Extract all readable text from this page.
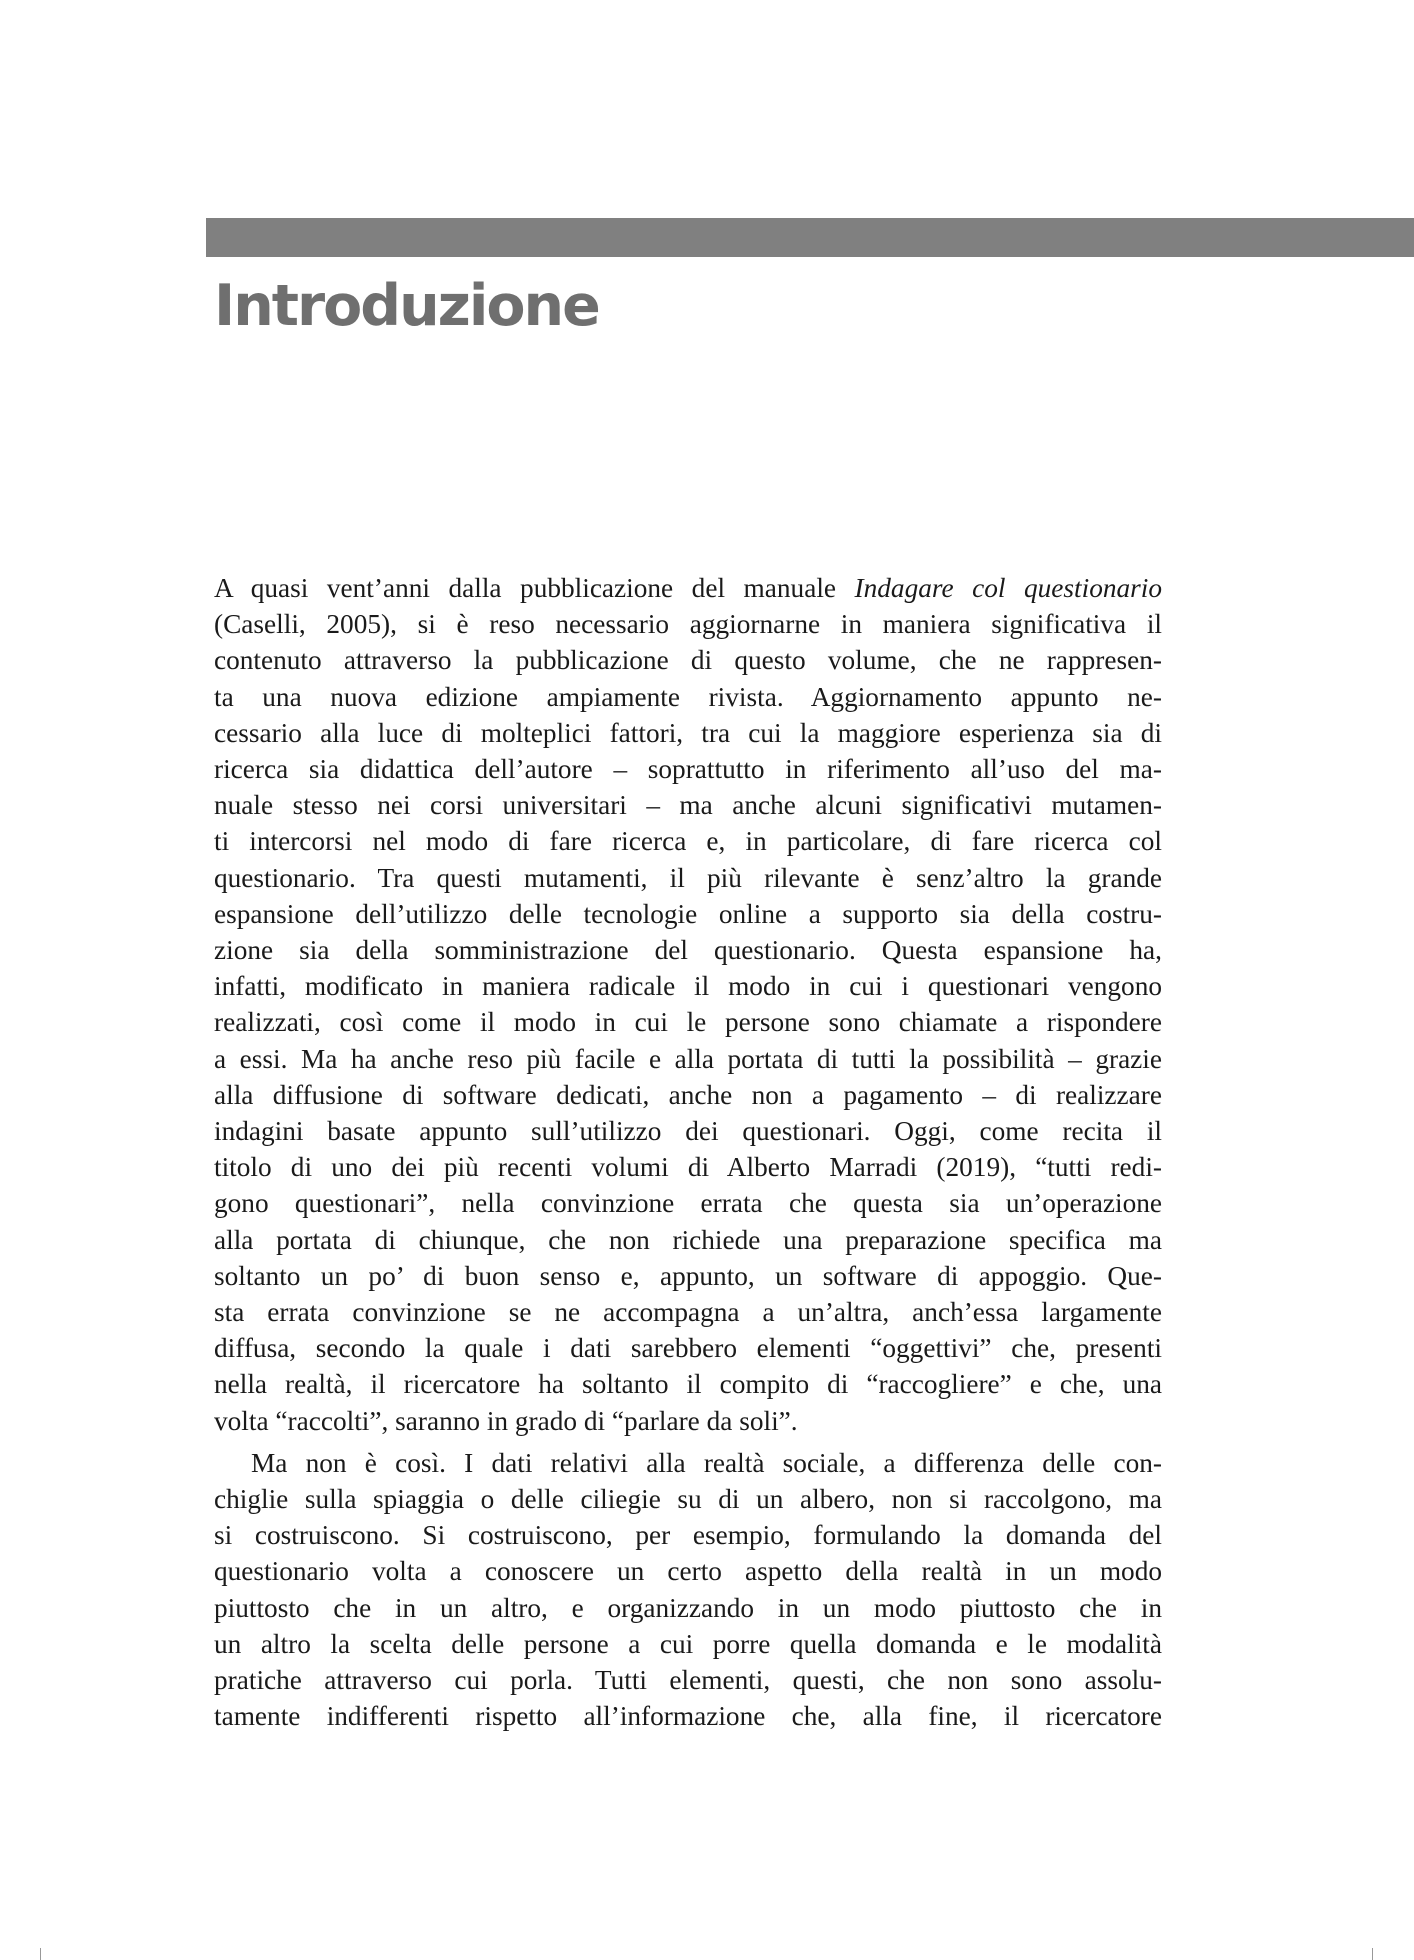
Introduzione
A quasi vent’anni dalla pubblicazione del manuale Indagare col questionario
(Caselli, 2005), si è reso necessario aggiornarne in maniera significativa il
contenuto attraverso la pubblicazione di questo volume, che ne rappresen-
ta una nuova edizione ampiamente rivista. Aggiornamento appunto ne-
cessario alla luce di molteplici fattori, tra cui la maggiore esperienza sia di
ricerca sia didattica dell’autore – soprattutto in riferimento all’uso del ma-
nuale stesso nei corsi universitari – ma anche alcuni significativi mutamen-
ti intercorsi nel modo di fare ricerca e, in particolare, di fare ricerca col
questionario. Tra questi mutamenti, il più rilevante è senz’altro la grande
espansione dell’utilizzo delle tecnologie online a supporto sia della costru-
zione sia della somministrazione del questionario. Questa espansione ha,
infatti, modificato in maniera radicale il modo in cui i questionari vengono
realizzati, così come il modo in cui le persone sono chiamate a rispondere
a essi. Ma ha anche reso più facile e alla portata di tutti la possibilità – grazie
alla diffusione di software dedicati, anche non a pagamento – di realizzare
indagini basate appunto sull’utilizzo dei questionari. Oggi, come recita il
titolo di uno dei più recenti volumi di Alberto Marradi (2019), “tutti redi-
gono questionari”, nella convinzione errata che questa sia un’operazione
alla portata di chiunque, che non richiede una preparazione specifica ma
soltanto un po’ di buon senso e, appunto, un software di appoggio. Que-
sta errata convinzione se ne accompagna a un’altra, anch’essa largamente
diffusa, secondo la quale i dati sarebbero elementi “oggettivi” che, presenti
nella realtà, il ricercatore ha soltanto il compito di “raccogliere” e che, una
volta “raccolti”, saranno in grado di “parlare da soli”.
Ma non è così. I dati relativi alla realtà sociale, a differenza delle con-
chiglie sulla spiaggia o delle ciliegie su di un albero, non si raccolgono, ma
si costruiscono. Si costruiscono, per esempio, formulando la domanda del
questionario volta a conoscere un certo aspetto della realtà in un modo
piuttosto che in un altro, e organizzando in un modo piuttosto che in
un altro la scelta delle persone a cui porre quella domanda e le modalità
pratiche attraverso cui porla. Tutti elementi, questi, che non sono assolu-
tamente indifferenti rispetto all’informazione che, alla fine, il ricercatore
